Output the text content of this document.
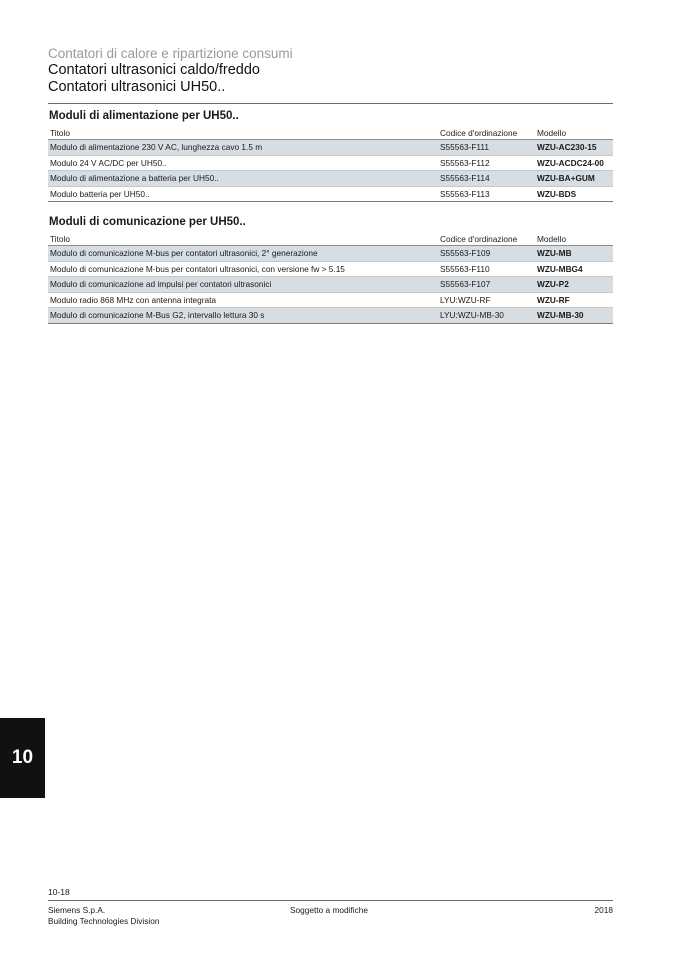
Contatori di calore e ripartizione consumi
Contatori ultrasonici caldo/freddo
Contatori ultrasonici UH50..
Moduli di alimentazione per UH50..
Titolo	Codice d'ordinazione	Modello
Modulo di alimentazione 230 V AC, lunghezza cavo 1.5 m	S55563-F111	WZU-AC230-15
Modulo 24 V AC/DC per UH50..	S55563-F112	WZU-ACDC24-00
Modulo di alimentazione a batteria per UH50..	S55563-F114	WZU-BA+GUM
Modulo batteria per UH50..	S55563-F113	WZU-BDS
Moduli di comunicazione per UH50..
Titolo	Codice d'ordinazione	Modello
Modulo di comunicazione M-bus per contatori ultrasonici, 2° generazione	S55563-F109	WZU-MB
Modulo di comunicazione M-bus per contatori ultrasonici, con versione fw > 5.15	S55563-F110	WZU-MBG4
Modulo di comunicazione ad impulsi per contatori ultrasonici	S55563-F107	WZU-P2
Modulo radio 868 MHz con antenna integrata	LYU:WZU-RF	WZU-RF
Modulo di comunicazione M-Bus G2, intervallo lettura 30 s	LYU:WZU-MB-30	WZU-MB-30
10
10-18
Siemens S.p.A.
Building Technologies Division
Soggetto a modifiche	2018
